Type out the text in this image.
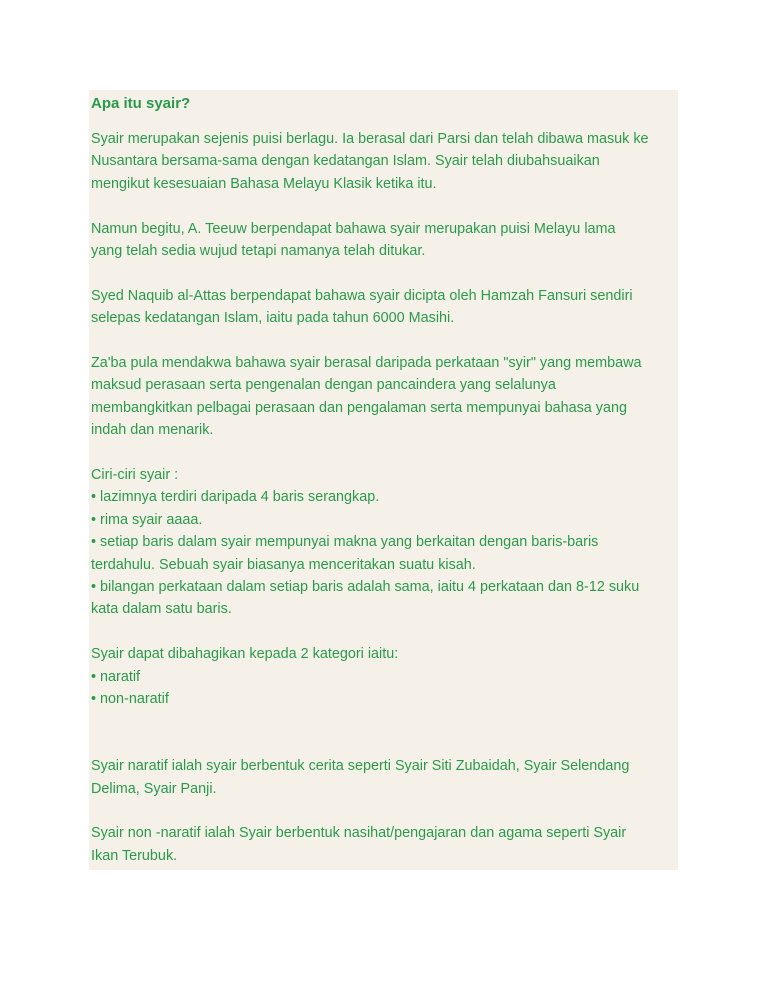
Apa itu syair?
Syair merupakan sejenis puisi berlagu. Ia berasal dari Parsi dan telah dibawa masuk ke
Nusantara bersama-sama dengan kedatangan Islam. Syair telah diubahsuaikan
mengikut kesesuaian Bahasa Melayu Klasik ketika itu.
Namun begitu, A. Teeuw berpendapat bahawa syair merupakan puisi Melayu lama
yang telah sedia wujud tetapi namanya telah ditukar.
Syed Naquib al-Attas berpendapat bahawa syair dicipta oleh Hamzah Fansuri sendiri
selepas kedatangan Islam, iaitu pada tahun 6000 Masihi.
Za'ba pula mendakwa bahawa syair berasal daripada perkataan "syir" yang membawa
maksud perasaan serta pengenalan dengan pancaindera yang selalunya
membangkitkan pelbagai perasaan dan pengalaman serta mempunyai bahasa yang
indah dan menarik.
Ciri-ciri syair :
• lazimnya terdiri daripada 4 baris serangkap.
• rima syair aaaa.
• setiap baris dalam syair mempunyai makna yang berkaitan dengan baris-baris
terdahulu. Sebuah syair biasanya menceritakan suatu kisah.
• bilangan perkataan dalam setiap baris adalah sama, iaitu 4 perkataan dan 8-12 suku
kata dalam satu baris.
Syair dapat dibahagikan kepada 2 kategori iaitu:
• naratif
• non-naratif
Syair naratif ialah syair berbentuk cerita seperti Syair Siti Zubaidah, Syair Selendang
Delima, Syair Panji.
Syair non -naratif ialah Syair berbentuk nasihat/pengajaran dan agama seperti Syair
Ikan Terubuk.
